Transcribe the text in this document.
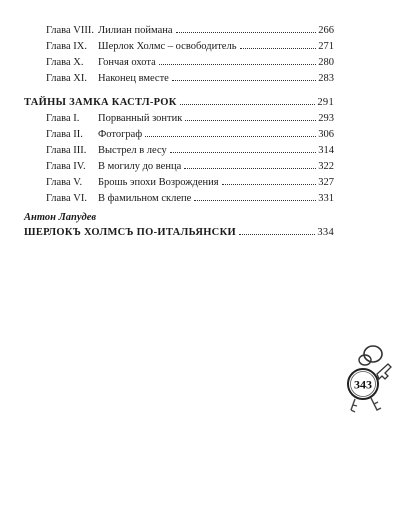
Глава VIII. Лилиан поймана	266
Глава IX.	Шерлок Холмс – освободитель	271
Глава X.	Гончая охота	280
Глава XI.	Наконец вместе	283
ТАЙНЫ ЗАМКА КАСТЛ-РОК	291
Глава I.	Порванный зонтик	293
Глава II.	Фотограф	306
Глава III.	Выстрел в лесу	314
Глава IV.	В могилу до венца	322
Глава V.	Брошь эпохи Возрождения	327
Глава VI.	В фамильном склепе	331
Антон Лапудев
ШЕРЛОКЪ ХОЛМСЪ ПО-ИТАЛЬЯНСКИ	334
343
